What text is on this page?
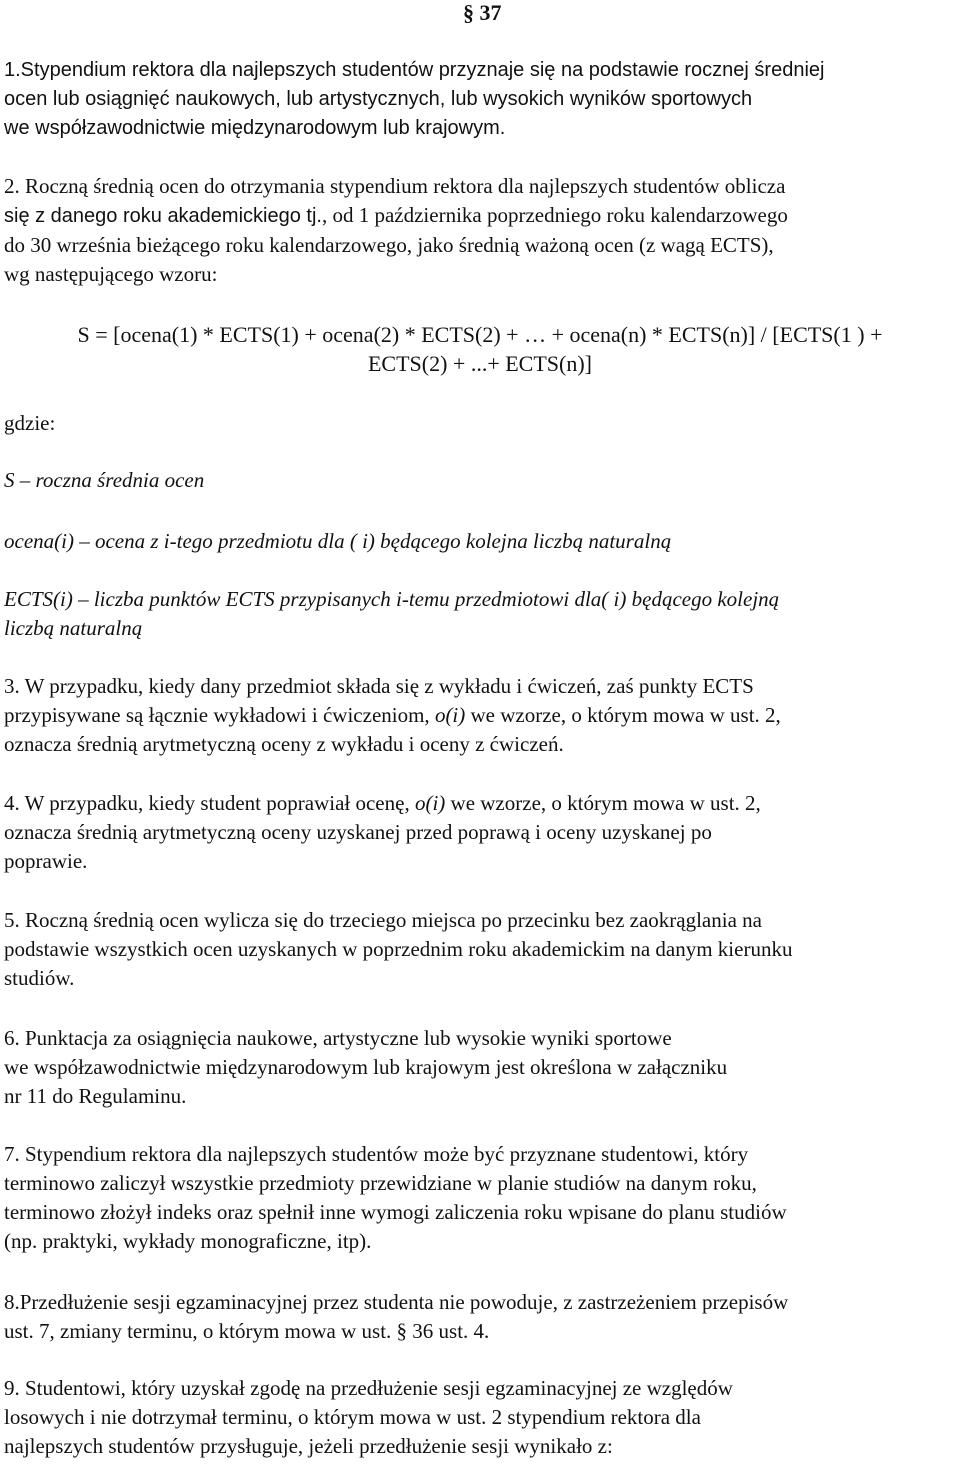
§ 37

1.Stypendium rektora dla najlepszych studentów przyznaje się na podstawie rocznej średniej
ocen lub osiągnięć naukowych, lub artystycznych, lub wysokich wyników sportowych
we współzawodnictwie międzynarodowym lub krajowym.

2. Roczną średnią ocen do otrzymania stypendium rektora dla najlepszych studentów oblicza
się z danego roku akademickiego tj., od 1 października poprzedniego roku kalendarzowego
do 30 września bieżącego roku kalendarzowego, jako średnią ważoną ocen (z wagą ECTS),
wg następującego wzoru:

S = [ocena(1) * ECTS(1) + ocena(2) * ECTS(2) + … + ocena(n) * ECTS(n)] / [ECTS(1 ) +
ECTS(2) + ...+ ECTS(n)]

gdzie:

S – roczna średnia ocen

ocena(i) – ocena z i-tego przedmiotu dla ( i) będącego kolejna liczbą naturalną

ECTS(i) – liczba punktów ECTS przypisanych i-temu przedmiotowi dla( i) będącego kolejną
liczbą naturalną

3. W przypadku, kiedy dany przedmiot składa się z wykładu i ćwiczeń, zaś punkty ECTS
przypisywane są łącznie wykładowi i ćwiczeniom, o(i) we wzorze, o którym mowa w ust. 2,
oznacza średnią arytmetyczną oceny z wykładu i oceny z ćwiczeń.

4. W przypadku, kiedy student poprawiał ocenę, o(i) we wzorze, o którym mowa w ust. 2,
oznacza średnią arytmetyczną oceny uzyskanej przed poprawą i oceny uzyskanej po
poprawie.

5. Roczną średnią ocen wylicza się do trzeciego miejsca po przecinku bez zaokrąglania na
podstawie wszystkich ocen uzyskanych w poprzednim roku akademickim na danym kierunku
studiów.

6. Punktacja za osiągnięcia naukowe, artystyczne lub wysokie wyniki sportowe
we współzawodnictwie międzynarodowym lub krajowym jest określona w załączniku
nr 11 do Regulaminu.

7. Stypendium rektora dla najlepszych studentów może być przyznane studentowi, który
terminowo zaliczył wszystkie przedmioty przewidziane w planie studiów na danym roku,
terminowo złożył indeks oraz spełnił inne wymogi zaliczenia roku wpisane do planu studiów
(np. praktyki, wykłady monograficzne, itp).

8.Przedłużenie sesji egzaminacyjnej przez studenta nie powoduje, z zastrzeżeniem przepisów
ust. 7, zmiany terminu, o którym mowa w ust. § 36 ust. 4.

9. Studentowi, który uzyskał zgodę na przedłużenie sesji egzaminacyjnej ze względów
losowych i nie dotrzymał terminu, o którym mowa w ust. 2 stypendium rektora dla
najlepszych studentów przysługuje, jeżeli przedłużenie sesji wynikało z:
